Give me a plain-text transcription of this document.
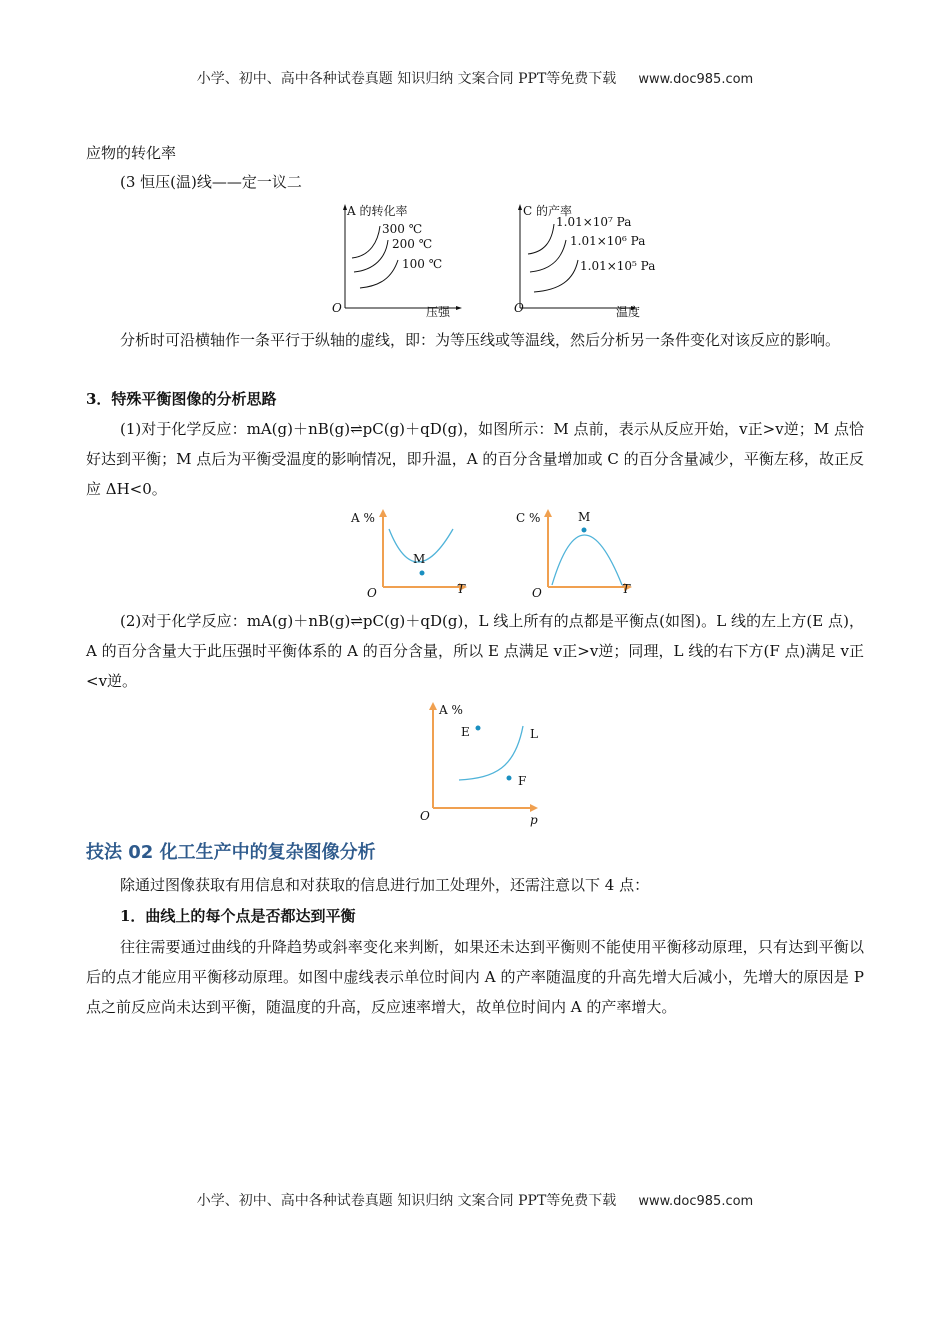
小学、初中、高中各种试卷真题 知识归纳 文案合同 PPT等免费下载 www.doc985.com
应物的转化率
(3 恒压(温)线——定一议二
A 的转化率
压强
O
300 ℃
200 ℃
100 ℃
C 的产率
温度
O
1.01×10⁷ Pa
1.01×10⁶ Pa
1.01×10⁵ Pa
分析时可沿横轴作一条平行于纵轴的虚线，即：为等压线或等温线，然后分析另一条件变化对该反应的影响。
3．特殊平衡图像的分析思路
(1)对于化学反应：mA(g)＋nB(g)⇌pC(g)＋qD(g)，如图所示：M 点前，表示从反应开始，v正>v逆；M 点恰好达到平衡；M 点后为平衡受温度的影响情况，即升温，A 的百分含量增加或 C 的百分含量减少，平衡左移，故正反应 ΔH<0。
A %
M
T
O
C %	M
T
O
(2)对于化学反应：mA(g)＋nB(g)⇌pC(g)＋qD(g)，L 线上所有的点都是平衡点(如图)。L 线的左上方(E 点)，A 的百分含量大于此压强时平衡体系的 A 的百分含量，所以 E 点满足 v正>v逆；同理，L 线的右下方(F 点)满足 v正<v逆。
A %
E	L
F
p
O
技法 02 化工生产中的复杂图像分析
除通过图像获取有用信息和对获取的信息进行加工处理外，还需注意以下 4 点：
1．曲线上的每个点是否都达到平衡
往往需要通过曲线的升降趋势或斜率变化来判断，如果还未达到平衡则不能使用平衡移动原理，只有达到平衡以后的点才能应用平衡移动原理。如图中虚线表示单位时间内 A 的产率随温度的升高先增大后减小，先增大的原因是 P 点之前反应尚未达到平衡，随温度的升高，反应速率增大，故单位时间内 A 的产率增大。
小学、初中、高中各种试卷真题 知识归纳 文案合同 PPT等免费下载 www.doc985.com
